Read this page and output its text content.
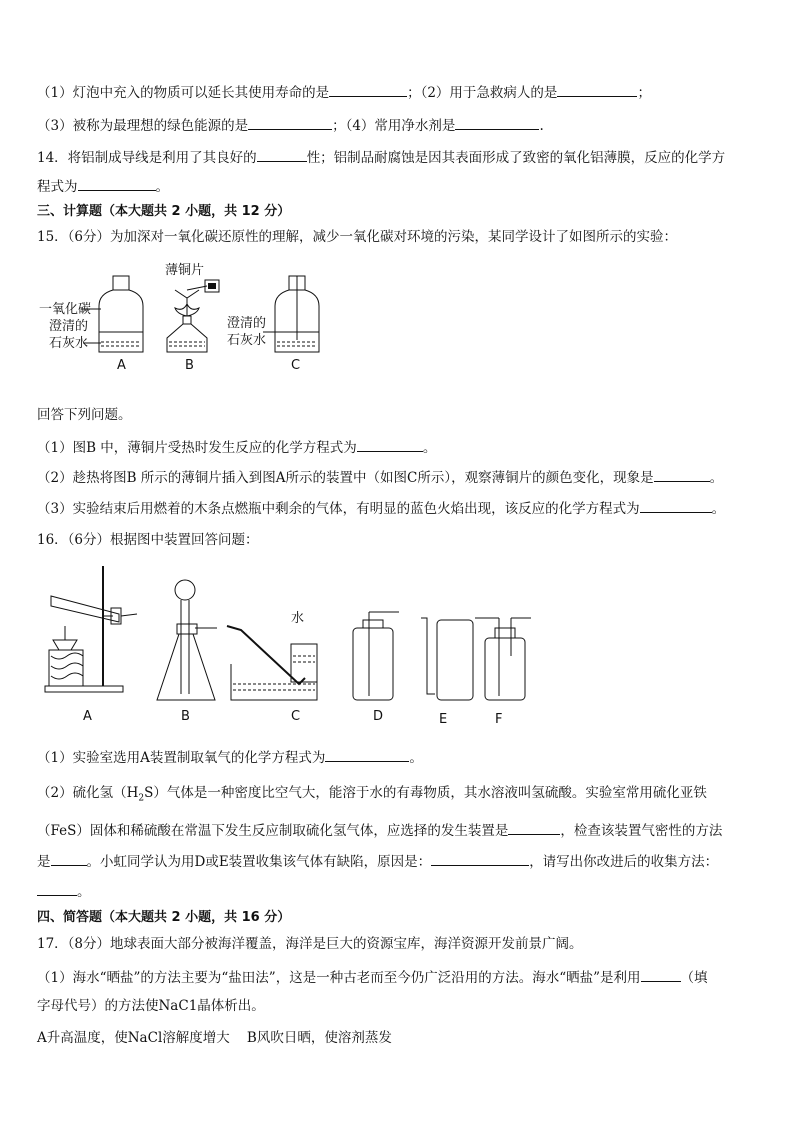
（1）灯泡中充入的物质可以延长其使用寿命的是	；（2）用于急救病人的是	；
（3）被称为最理想的绿色能源的是	；（4）常用净水剂是	.
14．将铝制成导线是利用了其良好的	性；铝制品耐腐蚀是因其表面形成了致密的氧化铝薄膜，反应的化学方
程式为	。
三、计算题（本大题共 2 小题，共 12 分）
15．（6分）为加深对一氧化碳还原性的理解，减少一氧化碳对环境的污染，某同学设计了如图所示的实验：
一氧化碳
澄清的
石灰水
薄铜片
澄清的
石灰水
A	B	C
回答下列问题。
（1）图B 中，薄铜片受热时发生反应的化学方程式为	。
（2）趁热将图B 所示的薄铜片插入到图A所示的装置中（如图C所示），观察薄铜片的颜色变化，现象是	。
（3）实验结束后用燃着的木条点燃瓶中剩余的气体，有明显的蓝色火焰出现，该反应的化学方程式为	。
16．（6分）根据图中装置回答问题：
水
A	B	C	D	E	F
（1）实验室选用A装置制取氧气的化学方程式为	。
（2）硫化氢$(H_2S)$气体是一种密度比空气大，能溶于水的有毒物质，其水溶液叫氢硫酸。实验室常用硫化亚铁
（FeS）固体和稀硫酸在常温下发生反应制取硫化氢气体，应选择的发生装置是	，检查该装置气密性的方法
是	。小虹同学认为用D或E装置收集该气体有缺陷，原因是：	，请写出你改进后的收集方法：
。
四、简答题（本大题共 2 小题，共 16 分）
17．（8分）地球表面大部分被海洋覆盖，海洋是巨大的资源宝库，海洋资源开发前景广阔。
（1）海水“晒盐”的方法主要为“盐田法”，这是一种古老而至今仍广泛沿用的方法。海水“晒盐”是利用	（填
字母代号）的方法使NaC1晶体析出。
A升高温度，使NaCl溶解度增大    B风吹日晒，使溶剂蒸发
